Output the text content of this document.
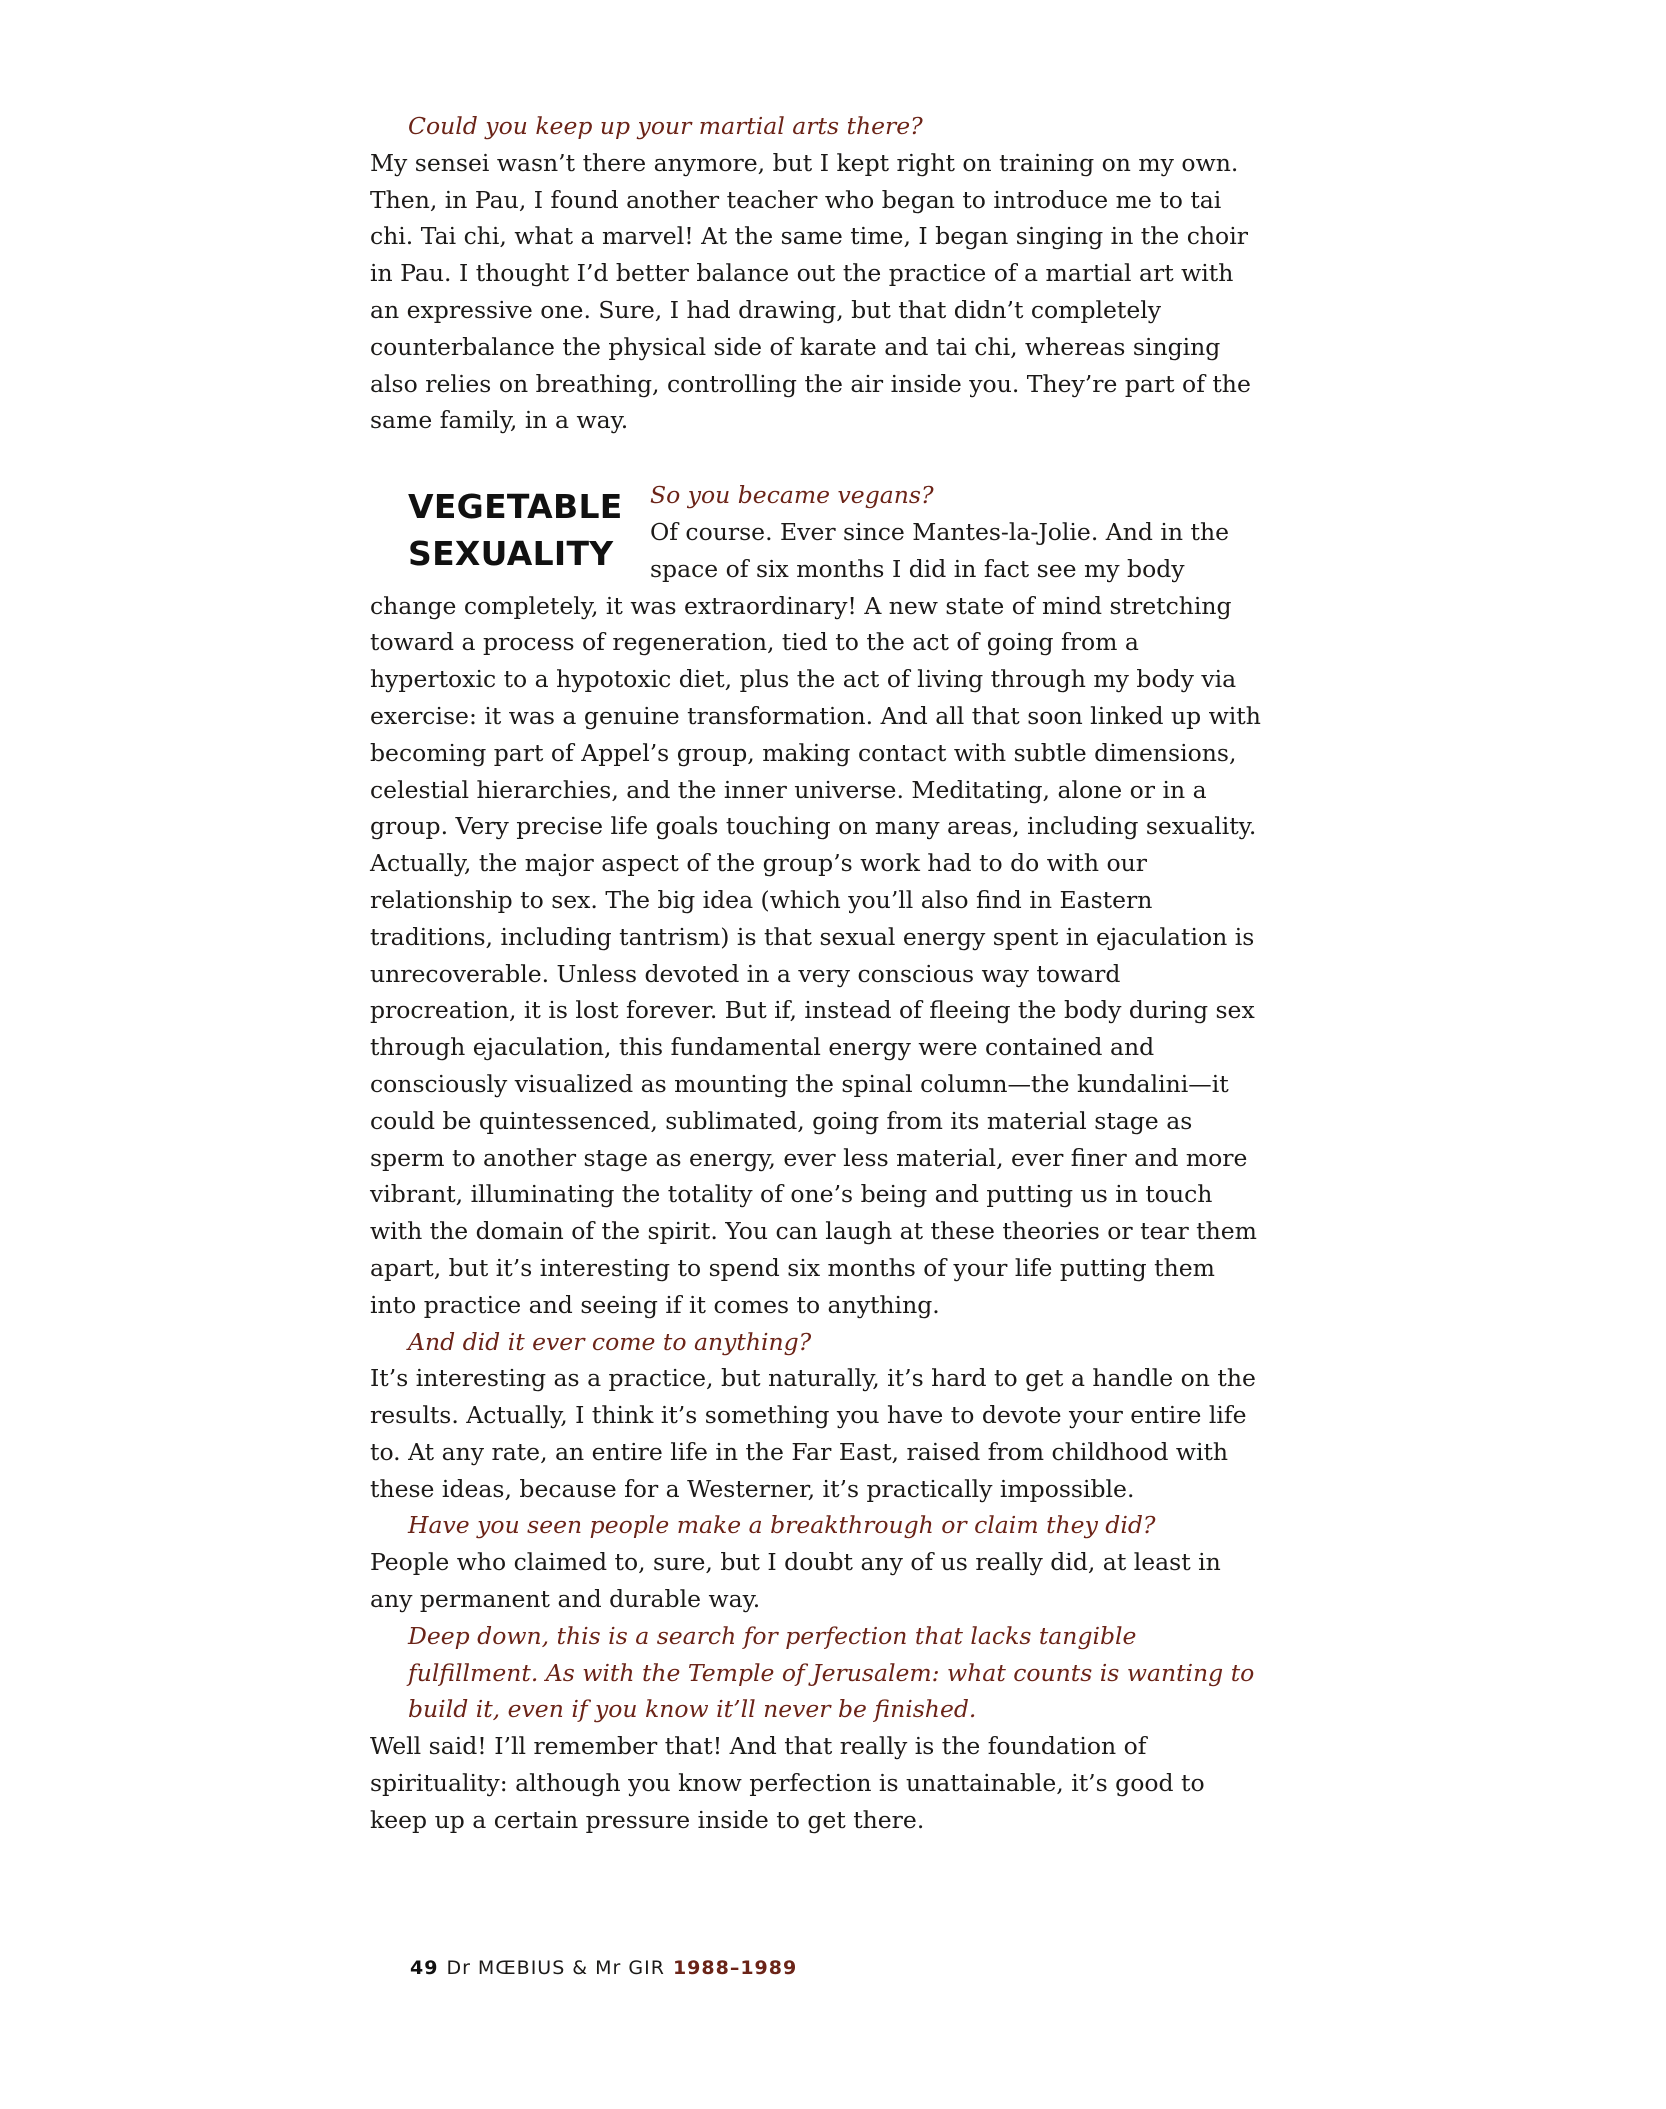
Could you keep up your martial arts there?

My sensei wasn’t there anymore, but I kept right on training on my own. Then, in Pau, I found another teacher who began to introduce me to tai chi. Tai chi, what a marvel! At the same time, I began singing in the choir in Pau. I thought I’d better balance out the practice of a martial art with an expressive one. Sure, I had drawing, but that didn’t completely counterbalance the physical side of karate and tai chi, whereas singing also relies on breathing, controlling the air inside you. They’re part of the same family, in a way.

VEGETABLE
SEXUALITY

So you became vegans?

Of course. Ever since Mantes-la-Jolie. And in the space of six months I did in fact see my body change completely, it was extraordinary! A new state of mind stretching toward a process of regeneration, tied to the act of going from a hypertoxic to a hypotoxic diet, plus the act of living through my body via exercise: it was a genuine transformation. And all that soon linked up with becoming part of Appel’s group, making contact with subtle dimensions, celestial hierarchies, and the inner universe. Meditating, alone or in a group. Very precise life goals touching on many areas, including sexuality. Actually, the major aspect of the group’s work had to do with our relationship to sex. The big idea (which you’ll also find in Eastern traditions, including tantrism) is that sexual energy spent in ejaculation is unrecoverable. Unless devoted in a very conscious way toward procreation, it is lost forever. But if, instead of fleeing the body during sex through ejaculation, this fundamental energy were contained and consciously visualized as mounting the spinal column—the kundalini—it could be quintessenced, sublimated, going from its material stage as sperm to another stage as energy, ever less material, ever finer and more vibrant, illuminating the totality of one’s being and putting us in touch with the domain of the spirit. You can laugh at these theories or tear them apart, but it’s interesting to spend six months of your life putting them into practice and seeing if it comes to anything.

And did it ever come to anything?

It’s interesting as a practice, but naturally, it’s hard to get a handle on the results. Actually, I think it’s something you have to devote your entire life to. At any rate, an entire life in the Far East, raised from childhood with these ideas, because for a Westerner, it’s practically impossible.

Have you seen people make a breakthrough or claim they did?

People who claimed to, sure, but I doubt any of us really did, at least in any permanent and durable way.

Deep down, this is a search for perfection that lacks tangible fulfillment. As with the Temple of Jerusalem: what counts is wanting to build it, even if you know it’ll never be finished.

Well said! I’ll remember that! And that really is the foundation of spirituality: although you know perfection is unattainable, it’s good to keep up a certain pressure inside to get there.

49 Dr MŒBIUS & Mr GIR 1988–1989
